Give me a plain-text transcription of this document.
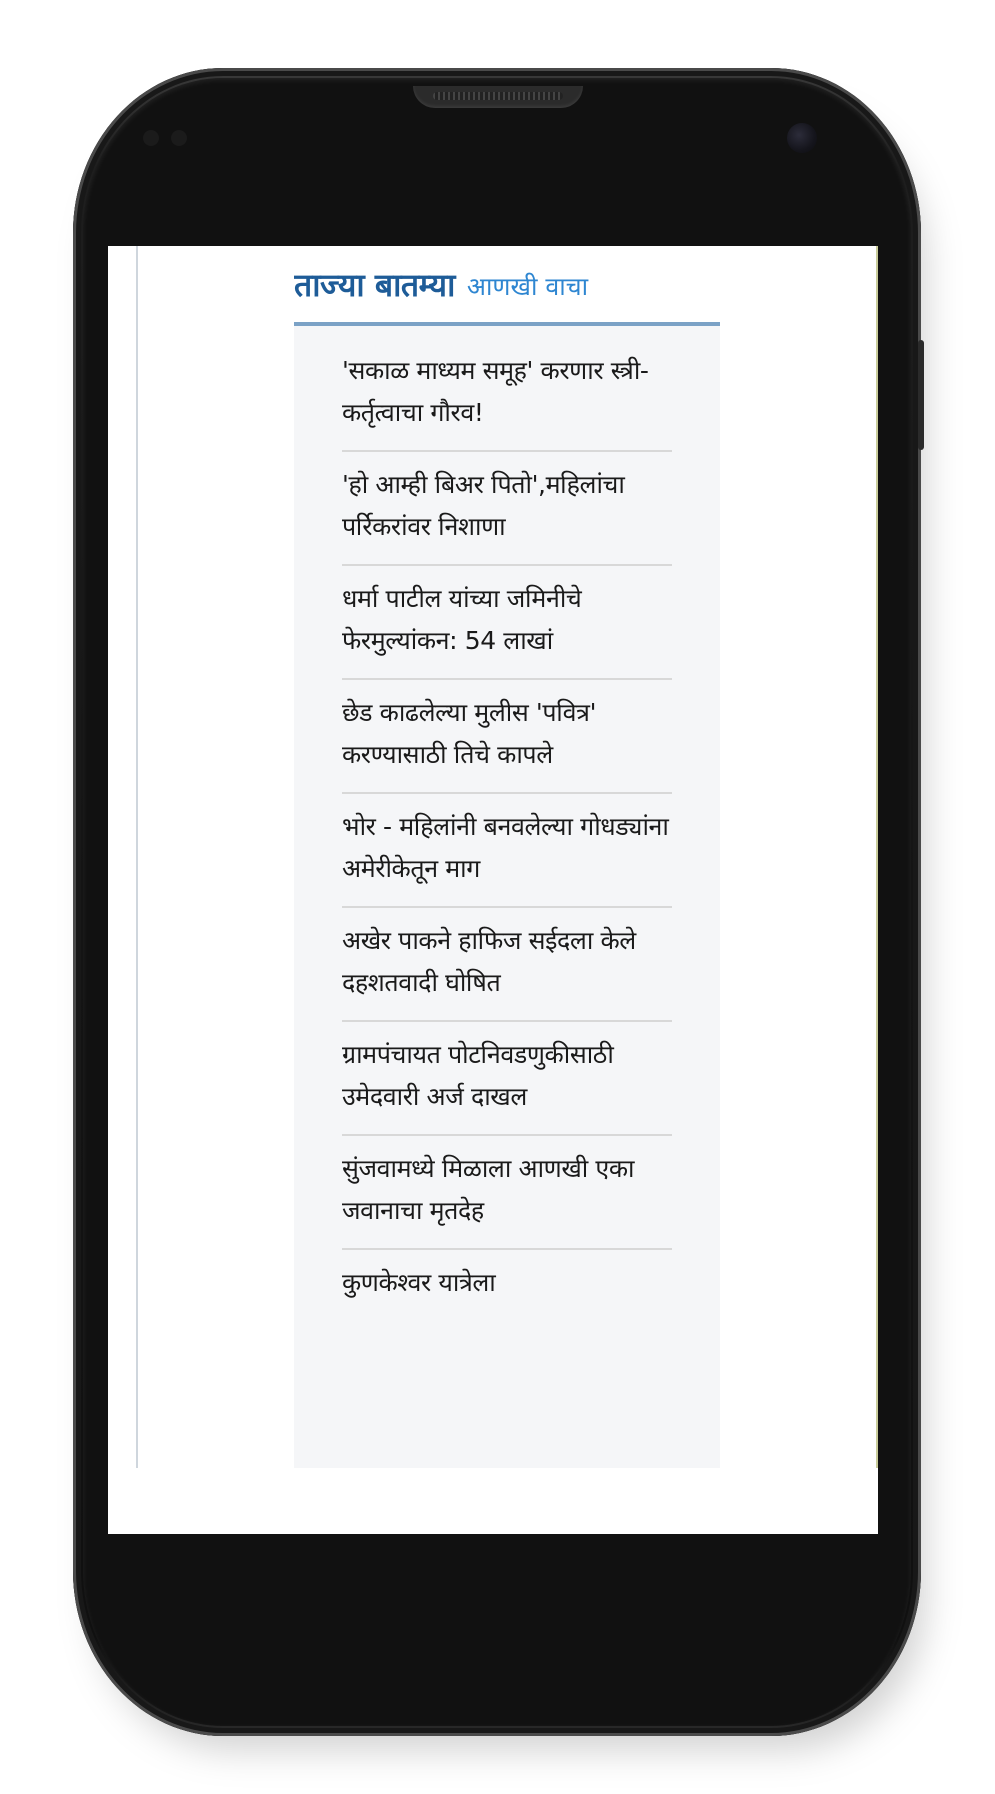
ताज्या बातम्या आणखी वाचा

'सकाळ माध्यम समूह' करणार स्त्री-कर्तृत्वाचा गौरव!

'हो आम्ही बिअर पितो',महिलांचा पर्रिकरांवर निशाणा

धर्मा पाटील यांच्या जमिनीचे फेरमुल्यांकन: 54 लाखां

छेड काढलेल्या मुलीस 'पवित्र' करण्यासाठी तिचे कापले

भोर - महिलांनी बनवलेल्या गोधड्यांना अमेरीकेतून माग

अखेर पाकने हाफिज सईदला केले दहशतवादी घोषित

ग्रामपंचायत पोटनिवडणुकीसाठी उमेदवारी अर्ज दाखल

सुंजवामध्ये मिळाला आणखी एका जवानाचा मृतदेह

कुणकेश्वर यात्रेला
